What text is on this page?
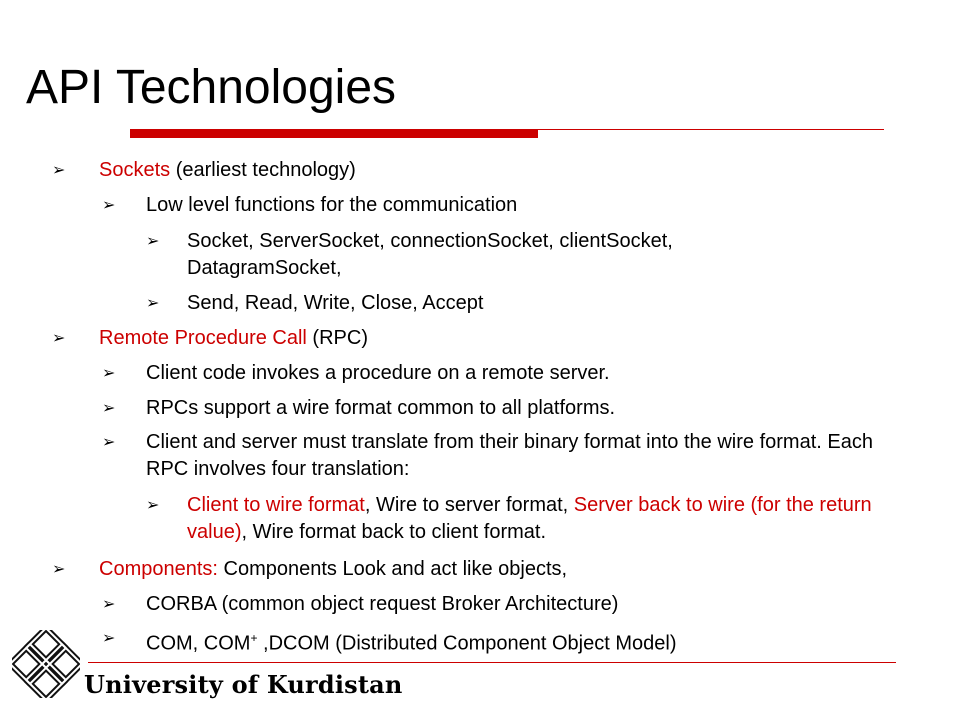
API Technologies
➢ Sockets (earliest technology)
➢ Low level functions for the communication
➢ Socket, ServerSocket, connectionSocket, clientSocket, DatagramSocket,
➢ Send, Read, Write, Close, Accept
➢ Remote Procedure Call (RPC)
➢ Client code invokes a procedure on a remote server.
➢ RPCs support a wire format common to all platforms.
➢ Client and server must translate from their binary format into the wire format. Each RPC involves four translation:
➢ Client to wire format, Wire to server format, Server back to wire (for the return value), Wire format back to client format.
➢ Components: Components Look and act like objects,
➢ CORBA (common object request Broker Architecture)
➢ COM, COM+ ,DCOM (Distributed Component Object Model)
University of Kurdistan
